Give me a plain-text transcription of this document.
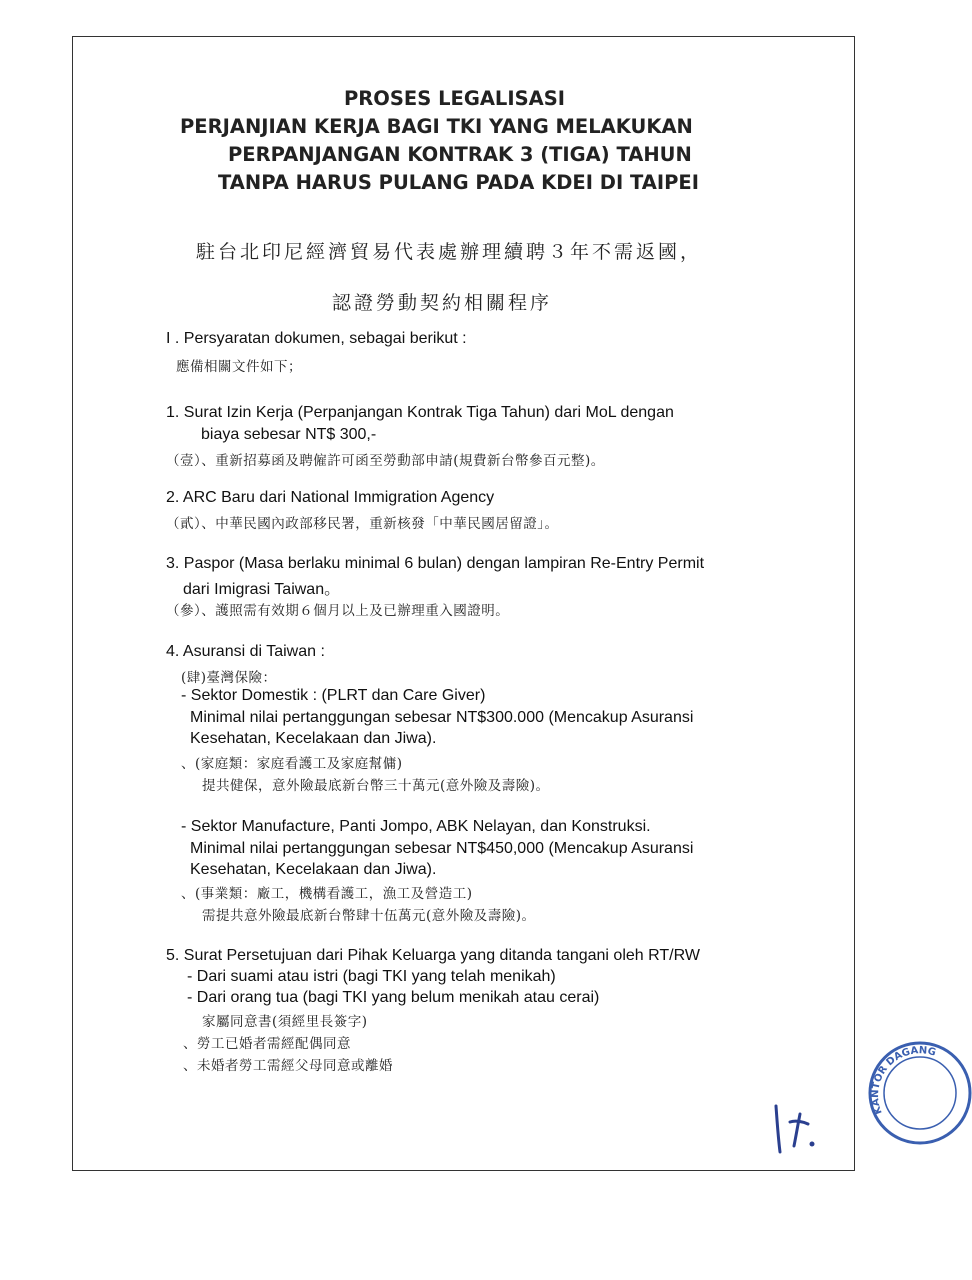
PROSES LEGALISASI
PERJANJIAN KERJA BAGI TKI YANG MELAKUKAN
PERPANJANGAN KONTRAK 3 (TIGA) TAHUN
TANPA HARUS PULANG PADA KDEI DI TAIPEI
駐台北印尼經濟貿易代表處辦理續聘３年不需返國，
認證勞動契約相關程序
I . Persyaratan dokumen, sebagai berikut :
應備相關文件如下；
1. Surat Izin Kerja (Perpanjangan Kontrak Tiga Tahun) dari MoL dengan
biaya sebesar NT$ 300,-
（壹）、重新招募函及聘僱許可函至勞動部申請(規費新台幣參百元整)。
2. ARC Baru dari National Immigration Agency
（貳）、中華民國內政部移民署，重新核發「中華民國居留證」。
3. Paspor (Masa berlaku minimal 6 bulan) dengan lampiran Re-Entry Permit
dari Imigrasi Taiwan。
（參）、護照需有效期６個月以上及已辦理重入國證明。
4. Asuransi di Taiwan :
(肆)臺灣保險：
- Sektor Domestik : (PLRT dan Care Giver)
Minimal nilai pertanggungan sebesar NT$300.000 (Mencakup Asuransi
Kesehatan, Kecelakaan dan Jiwa).
、(家庭類：家庭看護工及家庭幫傭)
提共健保，意外險最底新台幣三十萬元(意外險及壽險)。
- Sektor Manufacture, Panti Jompo, ABK Nelayan, dan Konstruksi.
Minimal nilai pertanggungan sebesar NT$450,000 (Mencakup Asuransi
Kesehatan, Kecelakaan dan Jiwa).
、(事業類：廠工，機構看護工，漁工及營造工)
需提共意外險最底新台幣肆十伍萬元(意外險及壽險)。
5. Surat Persetujuan dari Pihak Keluarga yang ditanda tangani oleh RT/RW
- Dari suami atau istri (bagi TKI yang telah menikah)
- Dari orang tua (bagi TKI yang belum menikah atau cerai)
家屬同意書(須經里長簽字)
、勞工已婚者需經配偶同意
、未婚者勞工需經父母同意或離婚
KANTOR DAGANG
